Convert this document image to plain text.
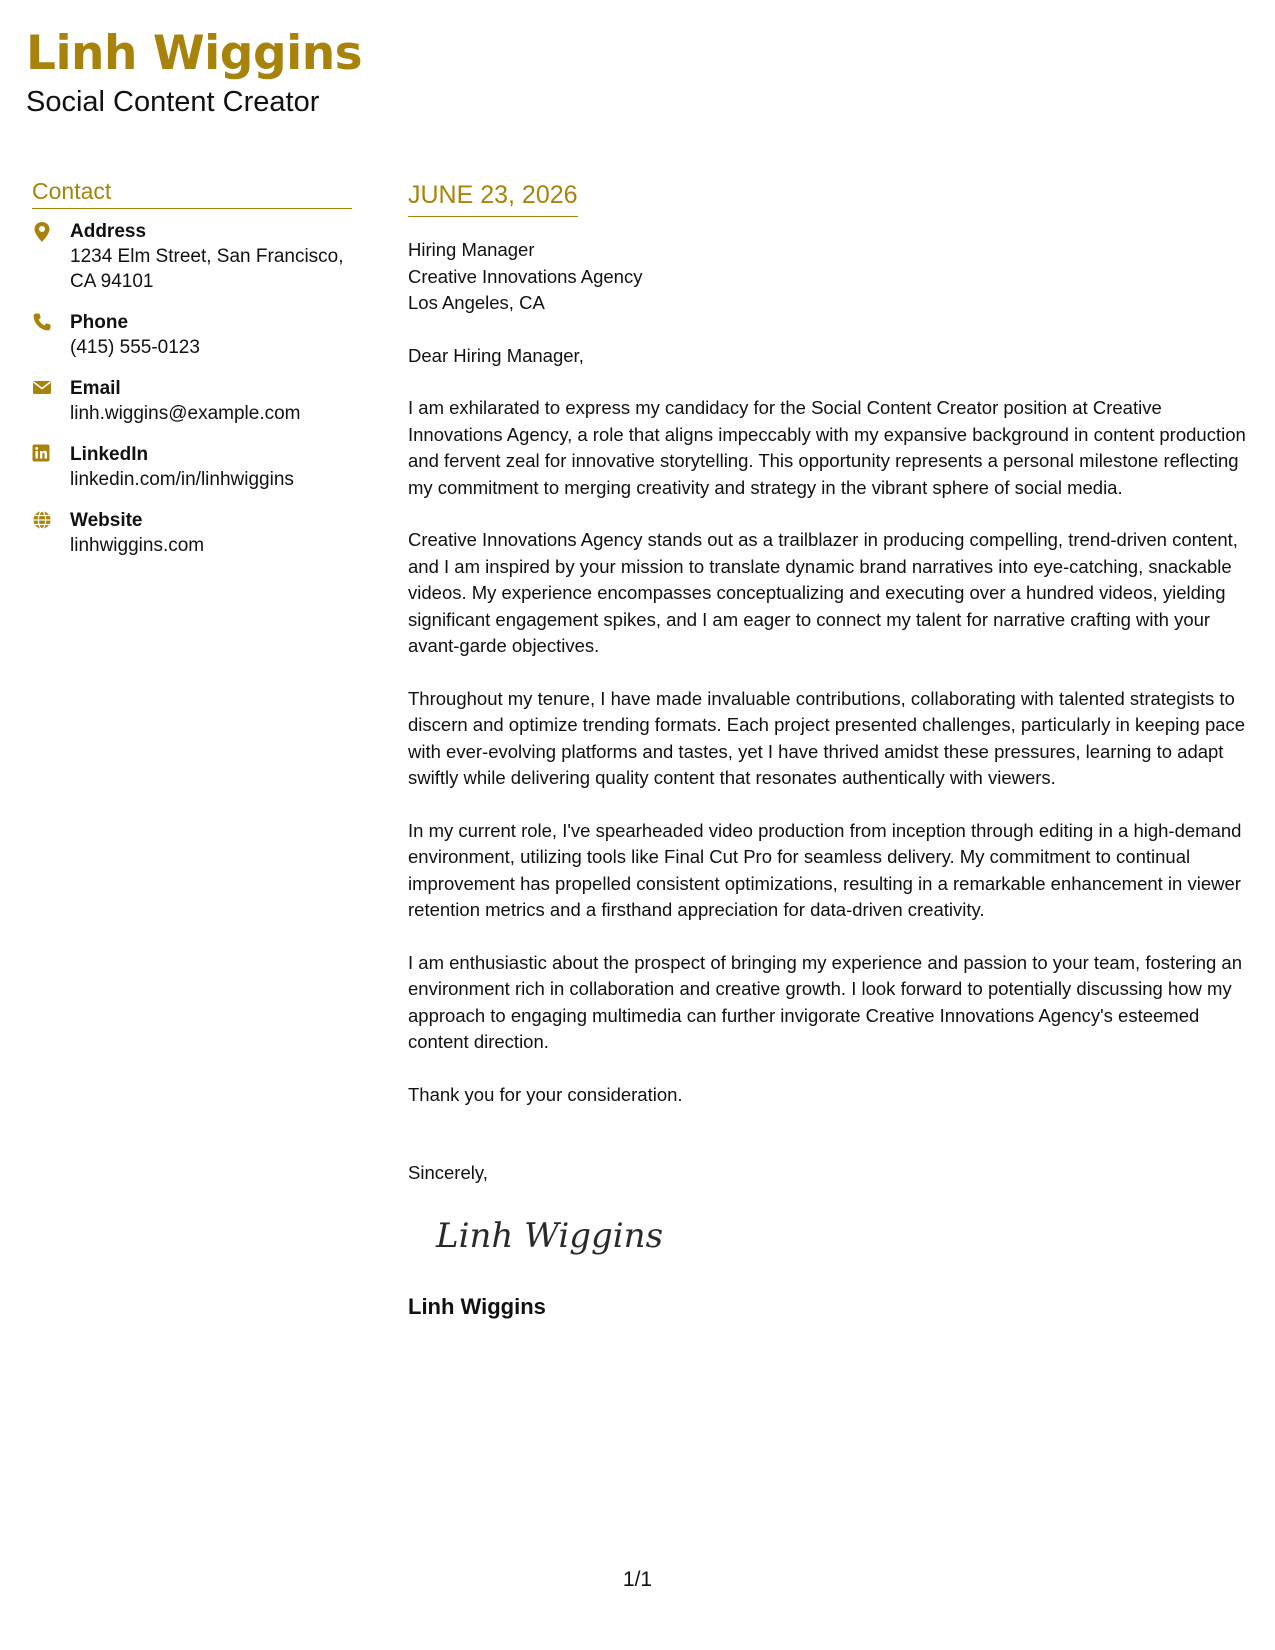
Linh Wiggins
Social Content Creator
Contact
Address
1234 Elm Street, San Francisco, CA 94101
Phone
(415) 555-0123
Email
linh.wiggins@example.com
LinkedIn
linkedin.com/in/linhwiggins
Website
linhwiggins.com
JUNE 23, 2026
Hiring Manager
Creative Innovations Agency
Los Angeles, CA
Dear Hiring Manager,
I am exhilarated to express my candidacy for the Social Content Creator position at Creative Innovations Agency, a role that aligns impeccably with my expansive background in content production and fervent zeal for innovative storytelling. This opportunity represents a personal milestone reflecting my commitment to merging creativity and strategy in the vibrant sphere of social media.
Creative Innovations Agency stands out as a trailblazer in producing compelling, trend-driven content, and I am inspired by your mission to translate dynamic brand narratives into eye-catching, snackable videos. My experience encompasses conceptualizing and executing over a hundred videos, yielding significant engagement spikes, and I am eager to connect my talent for narrative crafting with your avant-garde objectives.
Throughout my tenure, I have made invaluable contributions, collaborating with talented strategists to discern and optimize trending formats. Each project presented challenges, particularly in keeping pace with ever-evolving platforms and tastes, yet I have thrived amidst these pressures, learning to adapt swiftly while delivering quality content that resonates authentically with viewers.
In my current role, I've spearheaded video production from inception through editing in a high-demand environment, utilizing tools like Final Cut Pro for seamless delivery. My commitment to continual improvement has propelled consistent optimizations, resulting in a remarkable enhancement in viewer retention metrics and a firsthand appreciation for data-driven creativity.
I am enthusiastic about the prospect of bringing my experience and passion to your team, fostering an environment rich in collaboration and creative growth. I look forward to potentially discussing how my approach to engaging multimedia can further invigorate Creative Innovations Agency's esteemed content direction.
Thank you for your consideration.
Sincerely,
Linh Wiggins
Linh Wiggins
1/1
